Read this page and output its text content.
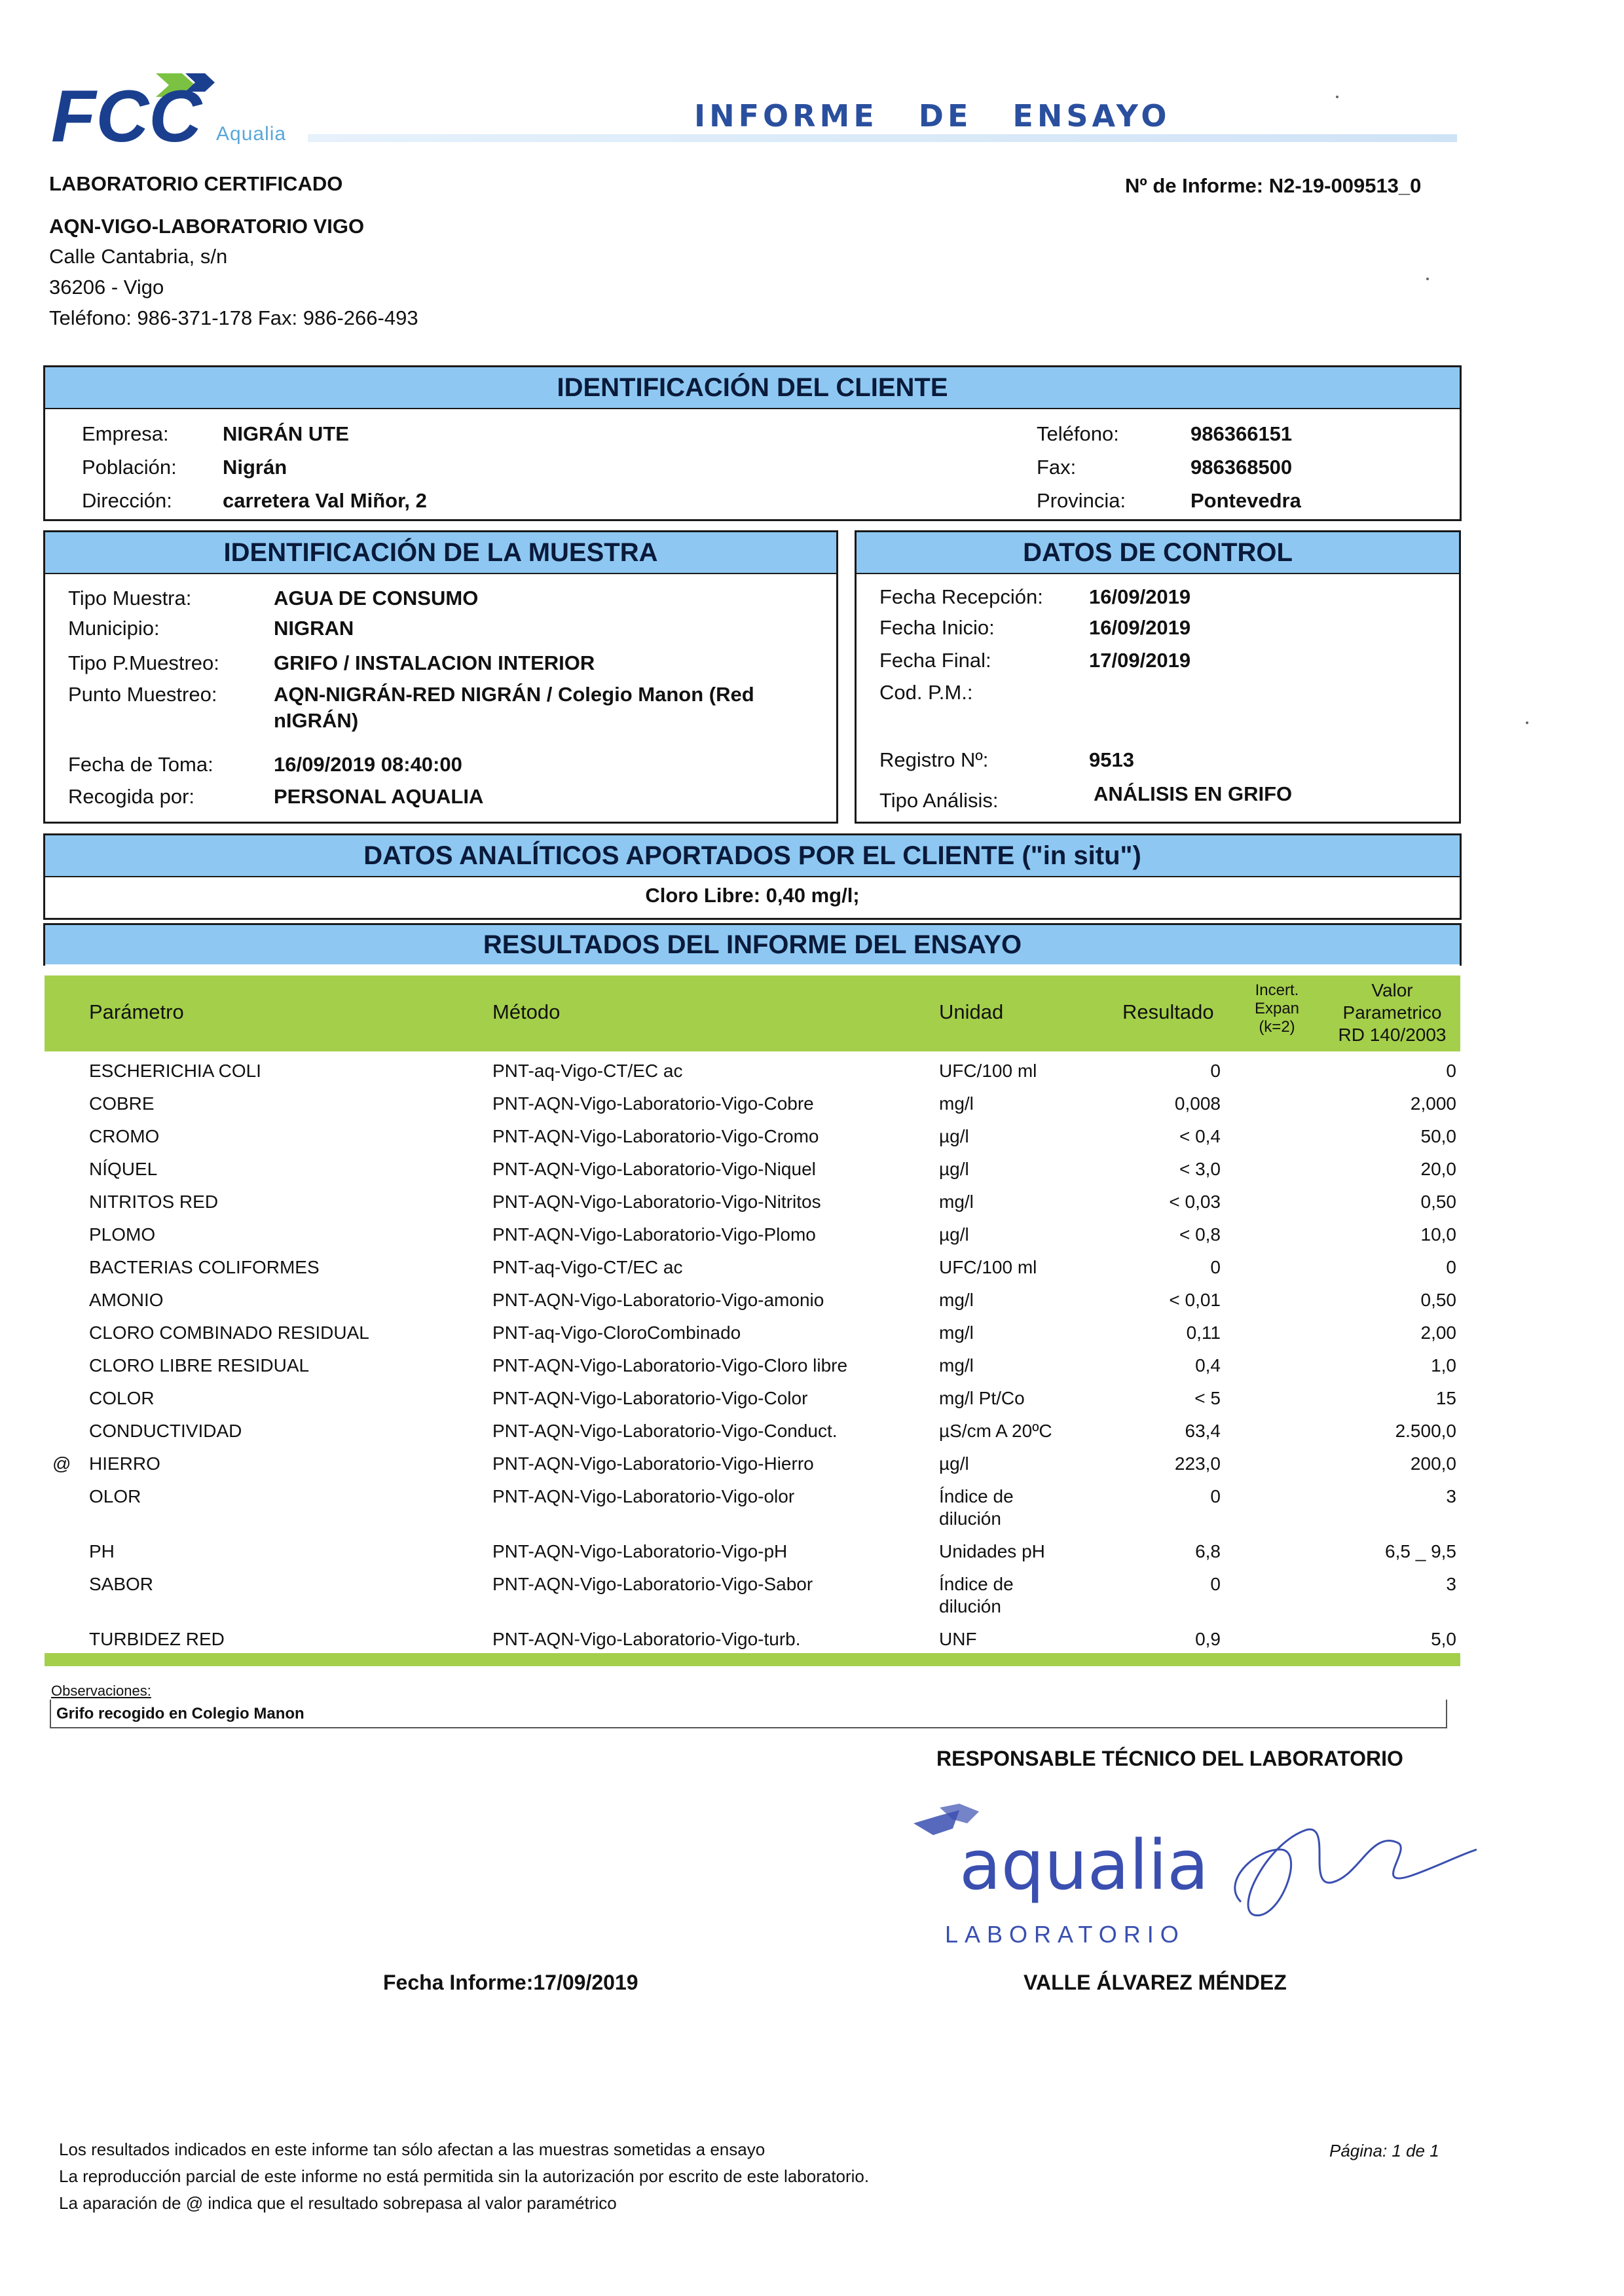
FCC Aqualia
INFORME DE ENSAYO
LABORATORIO CERTIFICADO	Nº de Informe: N2-19-009513_0
AQN-VIGO-LABORATORIO VIGO
Calle Cantabria, s/n
36206 - Vigo
Teléfono: 986-371-178 Fax: 986-266-493
IDENTIFICACIÓN DEL CLIENTE
Empresa:	NIGRÁN UTE
Población: Nigrán
Dirección: carretera Val Miñor, 2
Teléfono:	986366151
Fax:	986368500
Provincia:	Pontevedra
IDENTIFICACIÓN DE LA MUESTRA
Tipo Muestra:	AGUA DE CONSUMO
Municipio:	NIGRAN
Tipo P.Muestreo:	GRIFO / INSTALACION INTERIOR
Punto Muestreo:	AQN-NIGRÁN-RED NIGRÁN / Colegio Manon (Red
nIGRÁN)
Fecha de Toma:	16/09/2019 08:40:00
Recogida por:	PERSONAL AQUALIA
DATOS DE CONTROL
Fecha Recepción: 16/09/2019
Fecha Inicio:	16/09/2019
Fecha Final:	17/09/2019
Cod. P.M.:
Registro Nº:	9513
Tipo Análisis:	ANÁLISIS EN GRIFO
DATOS ANALÍTICOS APORTADOS POR EL CLIENTE ("in situ")
Cloro Libre: 0,40 mg/l;
RESULTADOS DEL INFORME DEL ENSAYO
Parámetro	Método	Unidad	Resultado
Incert.
Expan
(k=2)
Valor
Parametrico
RD 140/2003
ESCHERICHIA COLI	PNT-aq-Vigo-CT/EC ac	UFC/100 ml	0	0
COBRE	PNT-AQN-Vigo-Laboratorio-Vigo-Cobre	mg/l	0,008	2,000
CROMO	PNT-AQN-Vigo-Laboratorio-Vigo-Cromo	µg/l	< 0,4	50,0
NÍQUEL	PNT-AQN-Vigo-Laboratorio-Vigo-Niquel	µg/l	< 3,0	20,0
NITRITOS RED	PNT-AQN-Vigo-Laboratorio-Vigo-Nitritos	mg/l	< 0,03	0,50
PLOMO	PNT-AQN-Vigo-Laboratorio-Vigo-Plomo	µg/l	< 0,8	10,0
BACTERIAS COLIFORMES	PNT-aq-Vigo-CT/EC ac	UFC/100 ml	0	0
AMONIO	PNT-AQN-Vigo-Laboratorio-Vigo-amonio	mg/l	< 0,01	0,50
CLORO COMBINADO RESIDUAL	PNT-aq-Vigo-CloroCombinado	mg/l	0,11	2,00
CLORO LIBRE RESIDUAL	PNT-AQN-Vigo-Laboratorio-Vigo-Cloro libre	mg/l	0,4	1,0
COLOR	PNT-AQN-Vigo-Laboratorio-Vigo-Color	mg/l Pt/Co	< 5	15
CONDUCTIVIDAD	PNT-AQN-Vigo-Laboratorio-Vigo-Conduct.	µS/cm A 20ºC	63,4	2.500,0
@ HIERRO	PNT-AQN-Vigo-Laboratorio-Vigo-Hierro	µg/l	223,0	200,0
OLOR	PNT-AQN-Vigo-Laboratorio-Vigo-olor	Índice de
dilución
0	3
PH	PNT-AQN-Vigo-Laboratorio-Vigo-pH	Unidades pH	6,8	6,5 _ 9,5
SABOR	PNT-AQN-Vigo-Laboratorio-Vigo-Sabor	Índice de
dilución
0	3
TURBIDEZ RED	PNT-AQN-Vigo-Laboratorio-Vigo-turb.	UNF	0,9	5,0
Observaciones:
Grifo recogido en Colegio Manon
RESPONSABLE TÉCNICO DEL LABORATORIO
aqualia
LABORATORIO
Fecha Informe:17/09/2019	VALLE ÁLVAREZ MÉNDEZ
Los resultados indicados en este informe tan sólo afectan a las muestras sometidas a ensayo
La reproducción parcial de este informe no está permitida sin la autorización por escrito de este laboratorio.
La aparación de @ indica que el resultado sobrepasa al valor paramétrico
Página: 1 de 1
